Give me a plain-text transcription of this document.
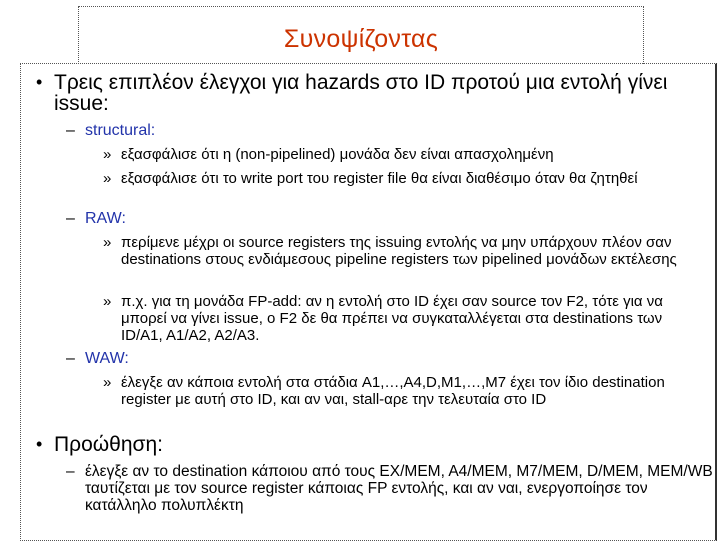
Συνοψίζοντας
• Τρεις επιπλέον έλεγχοι για hazards στο ID προτού μια εντολή γίνει issue:
– structural:
» εξασφάλισε ότι η (non-pipelined) μονάδα δεν είναι απασχολημένη
» εξασφάλισε ότι το write port του register file θα είναι διαθέσιμο όταν θα ζητηθεί
– RAW:
» περίμενε μέχρι οι source registers της issuing εντολής να μην υπάρχουν πλέον σαν destinations στους ενδιάμεσους pipeline registers των pipelined μονάδων εκτέλεσης
» π.χ. για τη μονάδα FP-add: αν η εντολή στο ID έχει σαν source τον F2, τότε για να μπορεί να γίνει issue, ο F2 δε θα πρέπει να συγκαταλλέγεται στα destinations των ID/A1, A1/A2, A2/A3.
– WAW:
» έλεγξε αν κάποια εντολή στα στάδια A1,…,A4,D,M1,…,M7 έχει τον ίδιο destination register με αυτή στο ID, και αν ναι, stall-αρε την τελευταία στο ID
• Προώθηση:
– έλεγξε αν το destination κάποιου από τους EX/MEM, A4/MEM, M7/MEM, D/MEM, MEM/WB ταυτίζεται με τον source register κάποιας FP εντολής, και αν ναι, ενεργοποίησε τον κατάλληλο πολυπλέκτη
